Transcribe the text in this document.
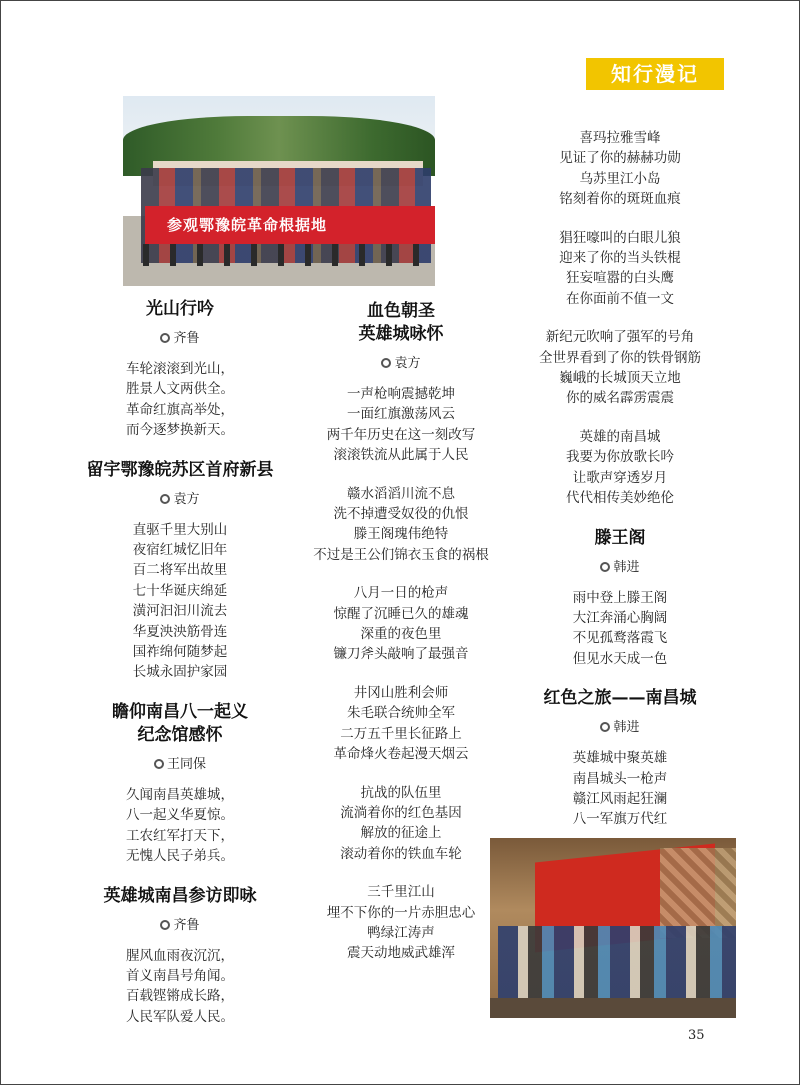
知行漫记
参观鄂豫皖革命根据地
光山行吟
齐鲁
车轮滚滚到光山，
胜景人文两供全。
革命红旗高举处，
而今逐梦换新天。
留宇鄂豫皖苏区首府新县
袁方
直驱千里大别山
夜宿红城忆旧年
百二将军出故里
七十华诞庆绵延
潢河汩汩川流去
华夏泱泱筋骨连
国祚绵何随梦起
长城永固护家园
瞻仰南昌八一起义
纪念馆感怀
王同保
久闻南昌英雄城，
八一起义华夏惊。
工农红军打天下，
无愧人民子弟兵。
英雄城南昌参访即咏
齐鲁
腥风血雨夜沉沉，
首义南昌号角闻。
百载铿锵成长路，
人民军队爱人民。
血色朝圣
英雄城咏怀
袁方
一声枪响震撼乾坤
一面红旗激荡风云
两千年历史在这一刻改写
滚滚铁流从此属于人民
赣水滔滔川流不息
洗不掉遭受奴役的仇恨
滕王阁瑰伟绝特
不过是王公们锦衣玉食的祸根
八月一日的枪声
惊醒了沉睡已久的雄魂
深重的夜色里
镰刀斧头敲响了最强音
井冈山胜利会师
朱毛联合统帅全军
二万五千里长征路上
革命烽火卷起漫天烟云
抗战的队伍里
流淌着你的红色基因
解放的征途上
滚动着你的铁血车轮
三千里江山
埋不下你的一片赤胆忠心
鸭绿江涛声
震天动地威武雄浑
喜玛拉雅雪峰
见证了你的赫赫功勋
乌苏里江小岛
铭刻着你的斑斑血痕
猖狂嚎叫的白眼儿狼
迎来了你的当头铁棍
狂妄喧嚣的白头鹰
在你面前不值一文
新纪元吹响了强军的号角
全世界看到了你的铁骨钢筋
巍峨的长城顶天立地
你的威名霹雳震震
英雄的南昌城
我要为你放歌长吟
让歌声穿透岁月
代代相传美妙绝伦
滕王阁
韩进
雨中登上滕王阁
大江奔涌心胸阔
不见孤鹜落霞飞
但见水天成一色
红色之旅——南昌城
韩进
英雄城中聚英雄
南昌城头一枪声
赣江风雨起狂澜
八一军旗万代红
35
